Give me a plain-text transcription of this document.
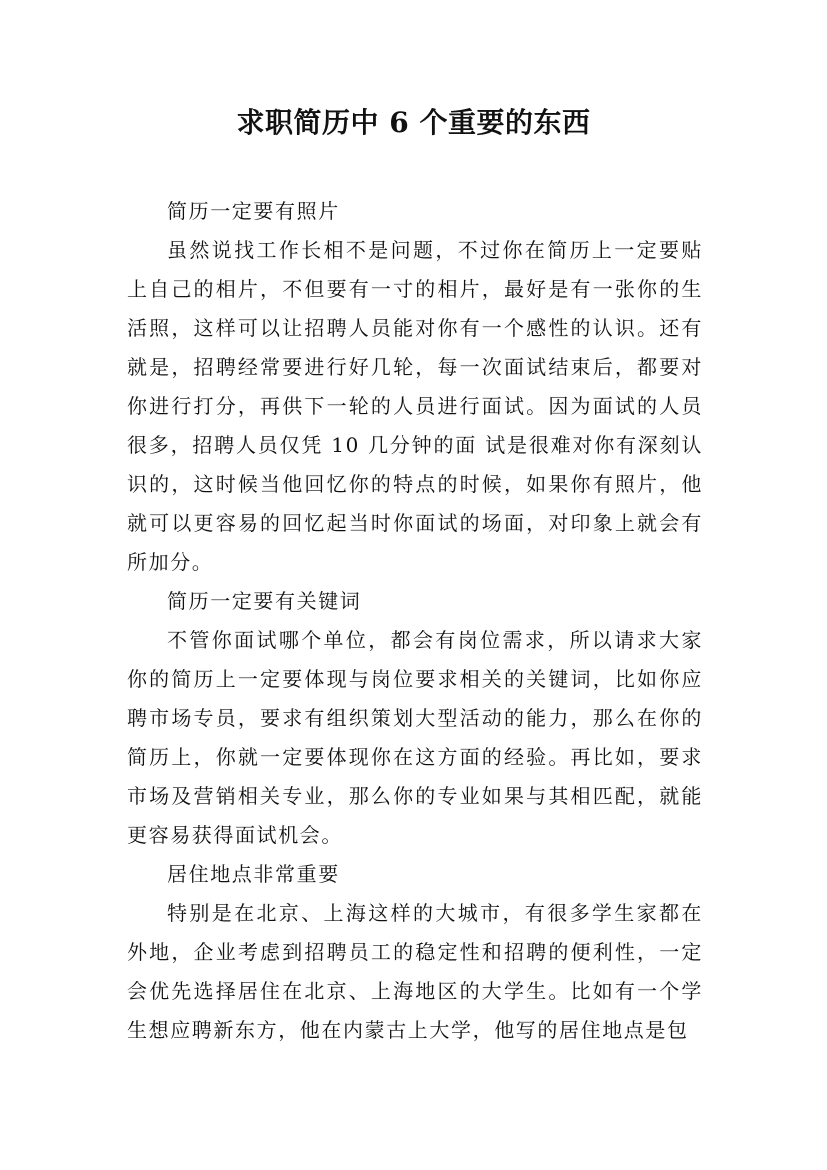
求职简历中 6 个重要的东西

简历一定要有照片

虽然说找工作长相不是问题，不过你在简历上一定要贴上自己的相片，不但要有一寸的相片，最好是有一张你的生活照，这样可以让招聘人员能对你有一个感性的认识。还有就是，招聘经常要进行好几轮，每一次面试结束后，都要对你进行打分，再供下一轮的人员进行面试。因为面试的人员很多，招聘人员仅凭 10 几分钟的面 试是很难对你有深刻认识的，这时候当他回忆你的特点的时候，如果你有照片，他就可以更容易的回忆起当时你面试的场面，对印象上就会有所加分。

简历一定要有关键词

不管你面试哪个单位，都会有岗位需求，所以请求大家你的简历上一定要体现与岗位要求相关的关键词，比如你应聘市场专员，要求有组织策划大型活动的能力，那么在你的简历上，你就一定要体现你在这方面的经验。再比如，要求市场及营销相关专业，那么你的专业如果与其相匹配，就能更容易获得面试机会。

居住地点非常重要

特别是在北京、上海这样的大城市，有很多学生家都在外地，企业考虑到招聘员工的稳定性和招聘的便利性，一定会优先选择居住在北京、上海地区的大学生。比如有一个学生想应聘新东方，他在内蒙古上大学，他写的居住地点是包
